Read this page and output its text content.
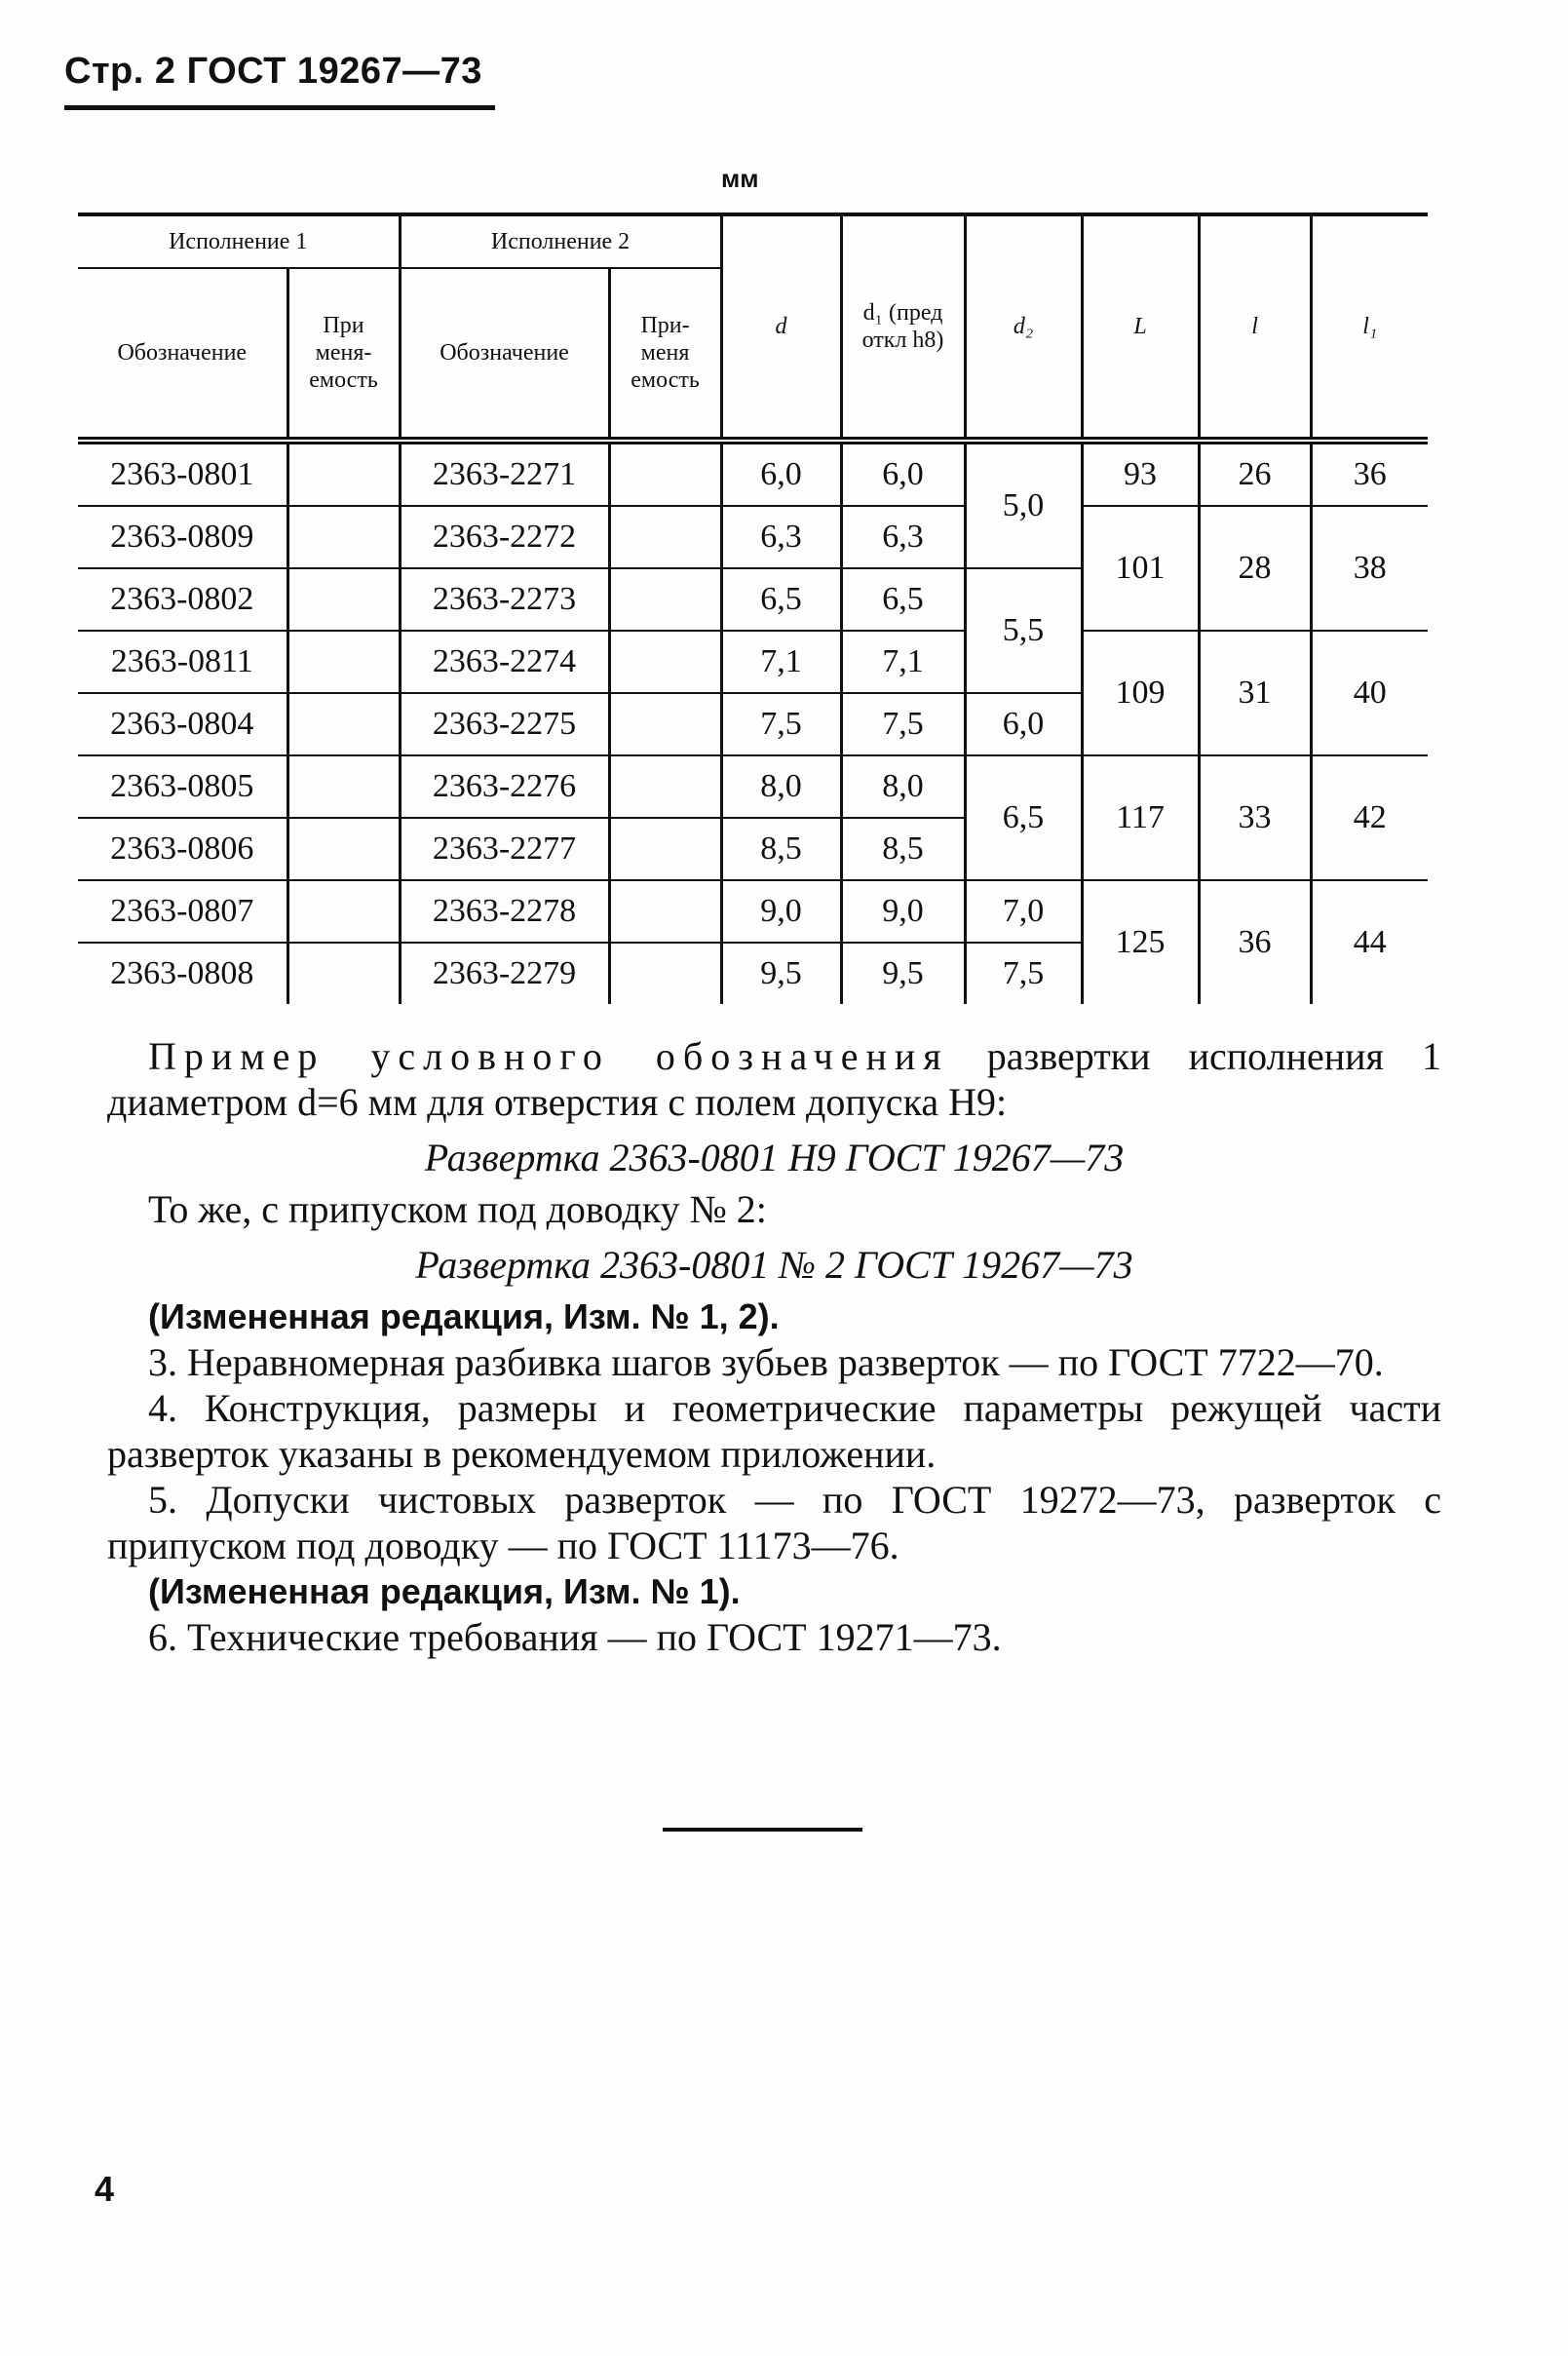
Стр. 2 ГОСТ 19267—73
мм
Исполнение 1		Исполнение 2		d	d₁ (пред откл h8)	d₂	L	l	l₁
Обозначение	При меня-емость	Обозначение	При-меня емость						
2363-0801		2363-2271		6,0	6,0	5,0	93	26	36
2363-0809		2363-2272		6,3	6,3		101	28	38
2363-0802		2363-2273		6,5	6,5	5,5			
2363-0811		2363-2274		7,1	7,1		109	31	40
2363-0804		2363-2275		7,5	7,5	6,0			
2363-0805		2363-2276		8,0	8,0	6,5	117	33	42
2363-0806		2363-2277		8,5	8,5				
2363-0807		2363-2278		9,0	9,0	7,0	125	36	44
2363-0808		2363-2279		9,5	9,5	7,5			

Пример условного обозначения развертки исполнения 1 диаметром d=6 мм для отверстия с полем допуска H9:

Развертка 2363-0801 H9 ГОСТ 19267—73

То же, с припуском под доводку № 2:

Развертка 2363-0801 № 2 ГОСТ 19267—73

(Измененная редакция, Изм. № 1, 2).

3. Неравномерная разбивка шагов зубьев разверток — по ГОСТ 7722—70.

4. Конструкция, размеры и геометрические параметры режущей части разверток указаны в рекомендуемом приложении.

5. Допуски чистовых разверток — по ГОСТ 19272—73, разверток с припуском под доводку — по ГОСТ 11173—76.

(Измененная редакция, Изм. № 1).

6. Технические требования — по ГОСТ 19271—73.

4
